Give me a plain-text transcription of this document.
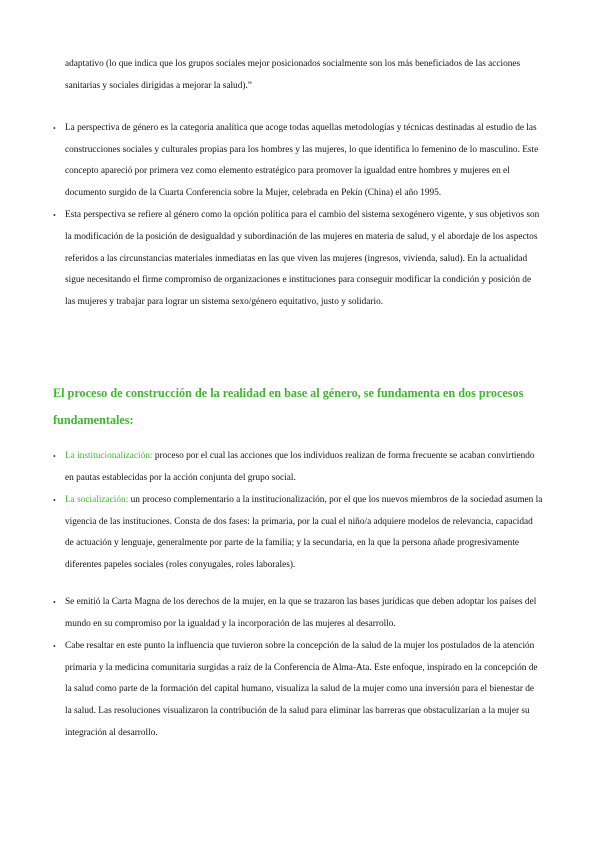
adaptativo (lo que indica que los grupos sociales mejor posicionados socialmente son los más beneficiados de las acciones sanitarias y sociales dirigidas a mejorar la salud).”

• La perspectiva de género es la categoría analítica que acoge todas aquellas metodologías y técnicas destinadas al estudio de las construcciones sociales y culturales propias para los hombres y las mujeres, lo que identifica lo femenino de lo masculino. Este concepto apareció por primera vez como elemento estratégico para promover la igualdad entre hombres y mujeres en el documento surgido de la Cuarta Conferencia sobre la Mujer, celebrada en Pekín (China) el año 1995.
• Esta perspectiva se refiere al género como la opción política para el cambio del sistema sexogénero vigente, y sus objetivos son la modificación de la posición de desigualdad y subordinación de las mujeres en materia de salud, y el abordaje de los aspectos referidos a las circunstancias materiales inmediatas en las que viven las mujeres (ingresos, vivienda, salud). En la actualidad sigue necesitando el firme compromiso de organizaciones e instituciones para conseguir modificar la condición y posición de las mujeres y trabajar para lograr un sistema sexo/género equitativo, justo y solidario.
El proceso de construcción de la realidad en base al género, se fundamenta en dos procesos fundamentales:
• La institucionalización: proceso por el cual las acciones que los individuos realizan de forma frecuente se acaban convirtiendo en pautas establecidas por la acción conjunta del grupo social.
• La socialización: un proceso complementario a la institucionalización, por el que los nuevos miembros de la sociedad asumen la vigencia de las instituciones. Consta de dos fases: la primaria, por la cual el niño/a adquiere modelos de relevancia, capacidad de actuación y lenguaje, generalmente por parte de la familia; y la secundaria, en la que la persona añade progresivamente diferentes papeles sociales (roles conyugales, roles laborales).
• Se emitió la Carta Magna de los derechos de la mujer, en la que se trazaron las bases jurídicas que deben adoptar los países del mundo en su compromiso por la igualdad y la incorporación de las mujeres al desarrollo.
• Cabe resaltar en este punto la influencia que tuvieron sobre la concepción de la salud de la mujer los postulados de la atención primaria y la medicina comunitaria surgidas a raíz de la Conferencia de Alma-Ata. Este enfoque, inspirado en la concepción de la salud como parte de la formación del capital humano, visualiza la salud de la mujer como una inversión para el bienestar de la salud. Las resoluciones visualizaron la contribución de la salud para eliminar las barreras que obstaculizarían a la mujer su integración al desarrollo.
